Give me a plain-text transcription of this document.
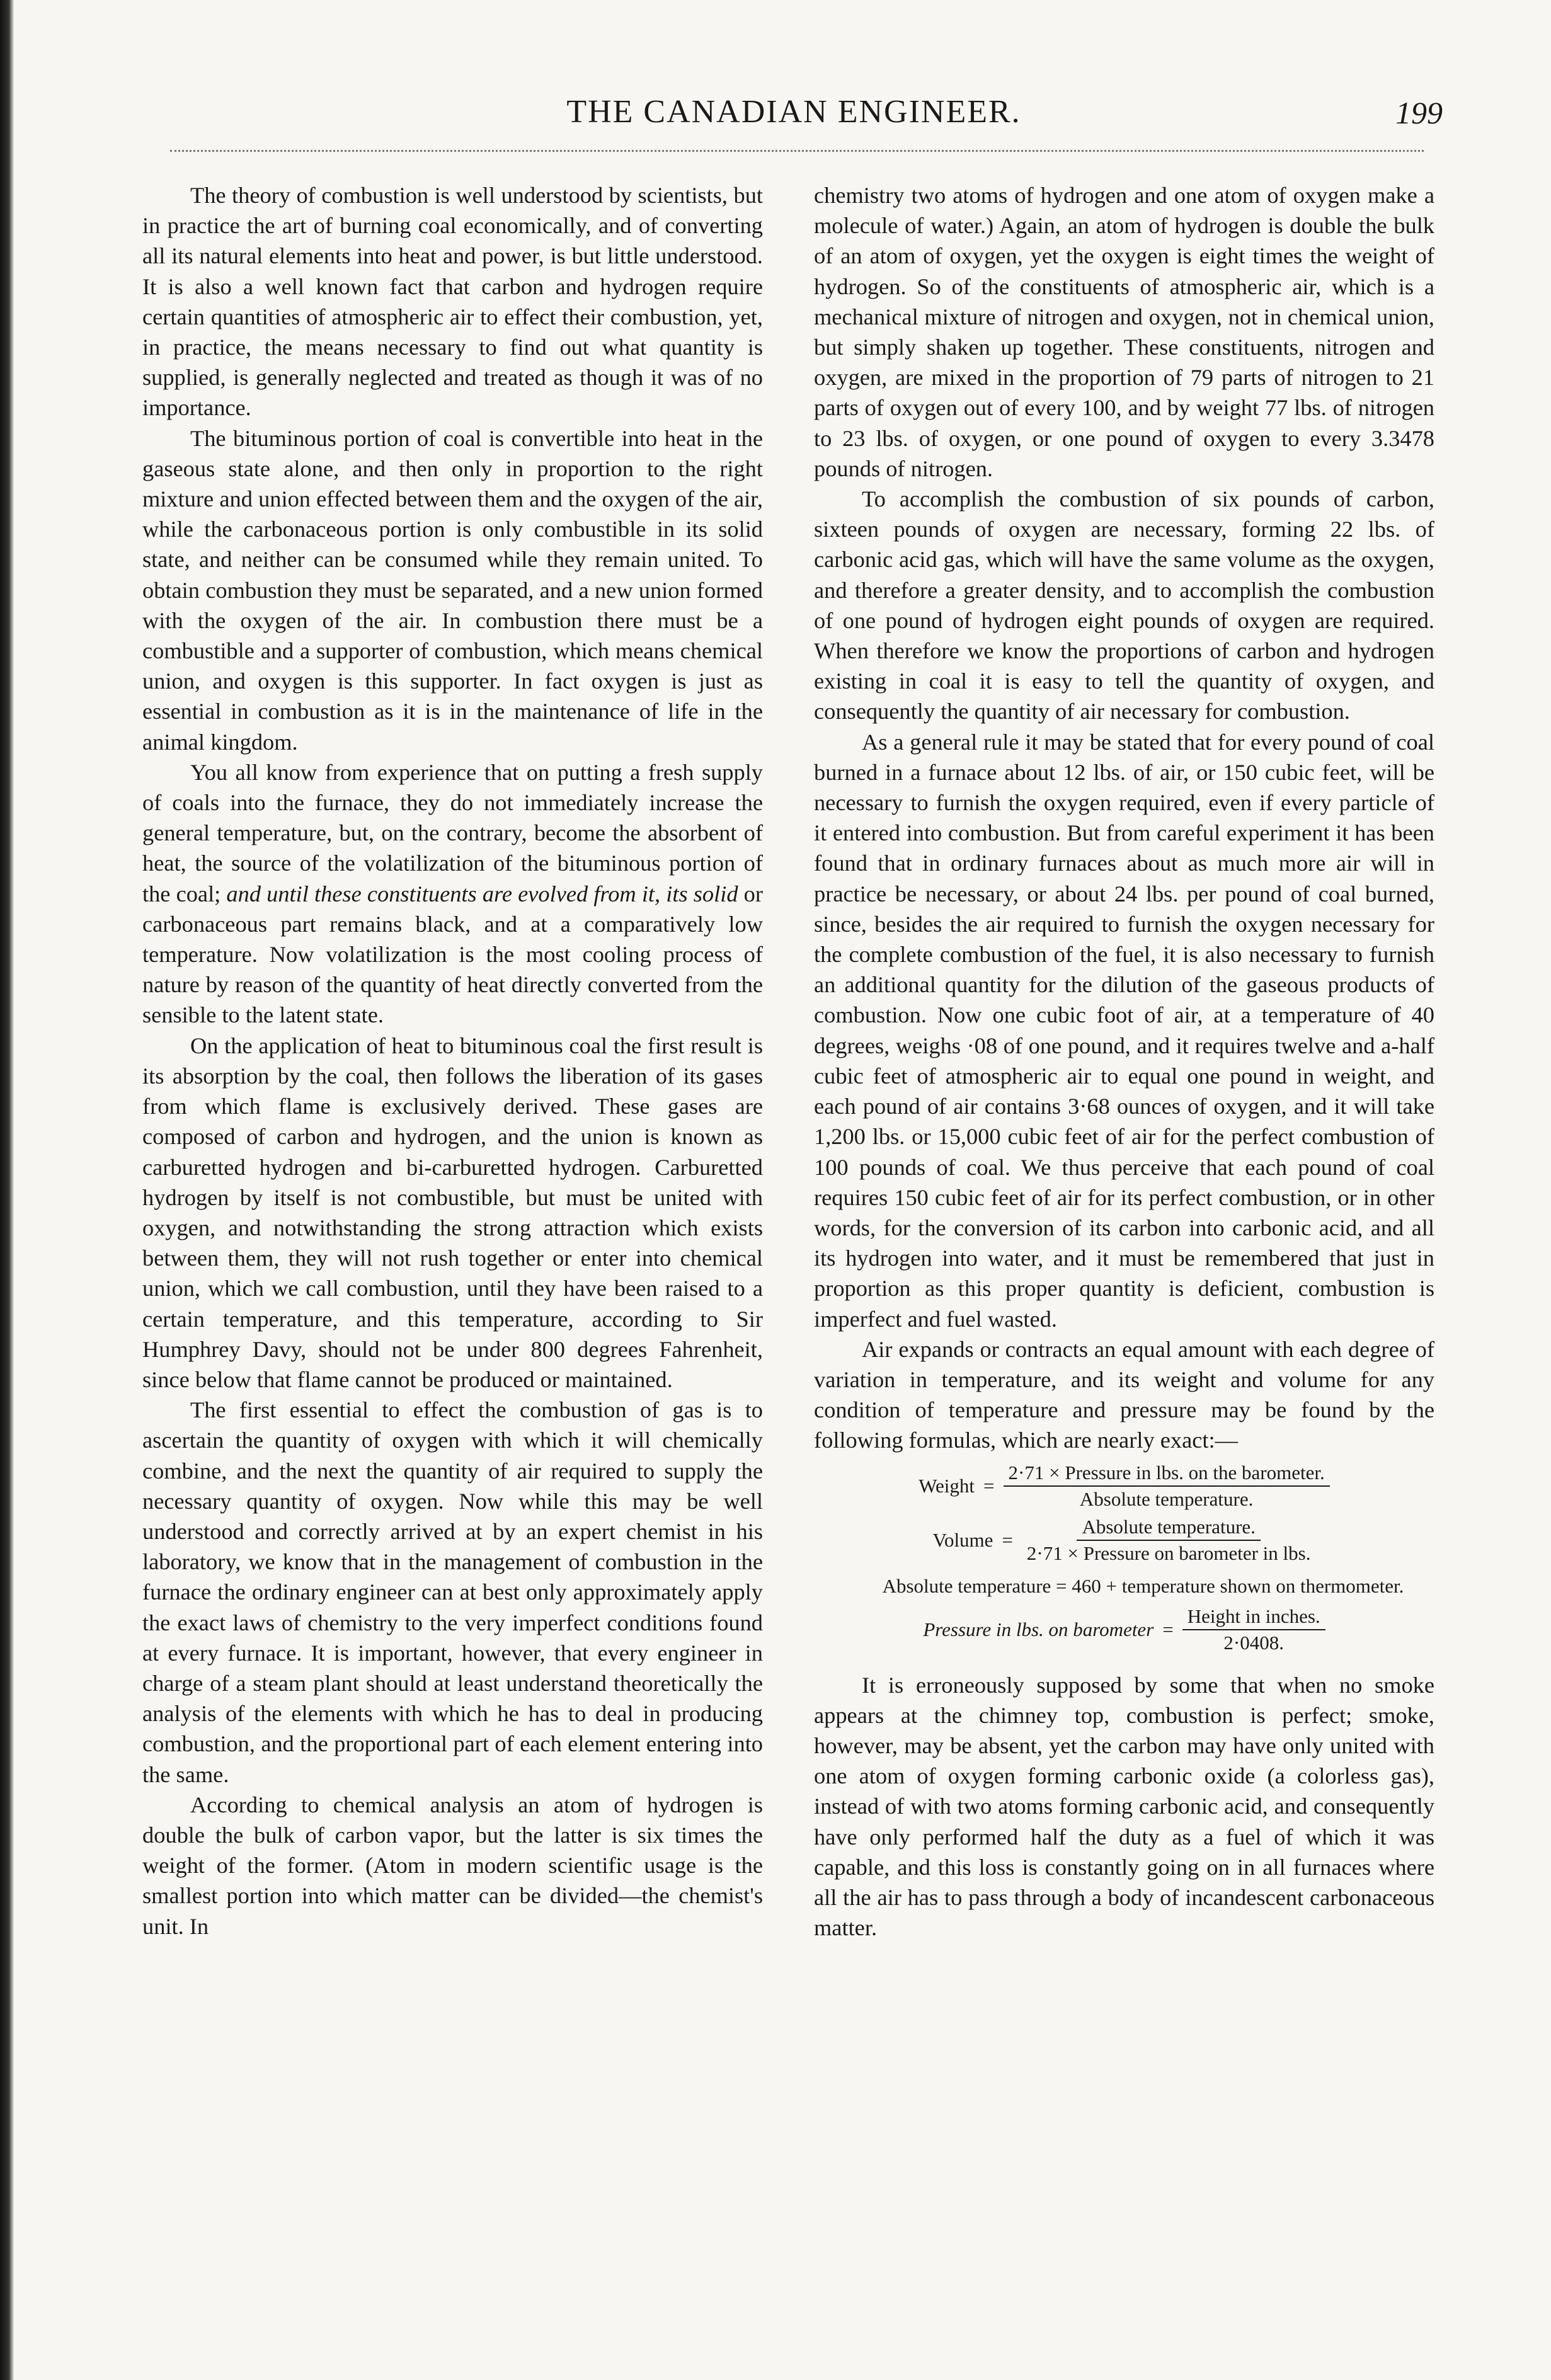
THE CANADIAN ENGINEER.	199

The theory of combustion is well understood by scientists, but in practice the art of burning coal economically, and of converting all its natural elements into heat and power, is but little understood. It is also a well known fact that carbon and hydrogen require certain quantities of atmospheric air to effect their combustion, yet, in practice, the means necessary to find out what quantity is supplied, is generally neglected and treated as though it was of no importance.

The bituminous portion of coal is convertible into heat in the gaseous state alone, and then only in proportion to the right mixture and union effected between them and the oxygen of the air, while the carbonaceous portion is only combustible in its solid state, and neither can be consumed while they remain united. To obtain combustion they must be separated, and a new union formed with the oxygen of the air. In combustion there must be a combustible and a supporter of combustion, which means chemical union, and oxygen is this supporter. In fact oxygen is just as essential in combustion as it is in the maintenance of life in the animal kingdom.

You all know from experience that on putting a fresh supply of coals into the furnace, they do not immediately increase the general temperature, but, on the contrary, become the absorbent of heat, the source of the volatilization of the bituminous portion of the coal; and until these constituents are evolved from it, its solid or carbonaceous part remains black, and at a comparatively low temperature. Now volatilization is the most cooling process of nature by reason of the quantity of heat directly converted from the sensible to the latent state.

On the application of heat to bituminous coal the first result is its absorption by the coal, then follows the liberation of its gases from which flame is exclusively derived. These gases are composed of carbon and hydrogen, and the union is known as carburetted hydrogen and bi-carburetted hydrogen. Carburetted hydrogen by itself is not combustible, but must be united with oxygen, and notwithstanding the strong attraction which exists between them, they will not rush together or enter into chemical union, which we call combustion, until they have been raised to a certain temperature, and this temperature, according to Sir Humphrey Davy, should not be under 800 degrees Fahrenheit, since below that flame cannot be produced or maintained.

The first essential to effect the combustion of gas is to ascertain the quantity of oxygen with which it will chemically combine, and the next the quantity of air required to supply the necessary quantity of oxygen. Now while this may be well understood and correctly arrived at by an expert chemist in his laboratory, we know that in the management of combustion in the furnace the ordinary engineer can at best only approximately apply the exact laws of chemistry to the very imperfect conditions found at every furnace. It is important, however, that every engineer in charge of a steam plant should at least understand theoretically the analysis of the elements with which he has to deal in producing combustion, and the proportional part of each element entering into the same.

According to chemical analysis an atom of hydrogen is double the bulk of carbon vapor, but the latter is six times the weight of the former. (Atom in modern scientific usage is the smallest portion into which matter can be divided—the chemist's unit. In

chemistry two atoms of hydrogen and one atom of oxygen make a molecule of water.) Again, an atom of hydrogen is double the bulk of an atom of oxygen, yet the oxygen is eight times the weight of hydrogen. So of the constituents of atmospheric air, which is a mechanical mixture of nitrogen and oxygen, not in chemical union, but simply shaken up together. These constituents, nitrogen and oxygen, are mixed in the proportion of 79 parts of nitrogen to 21 parts of oxygen out of every 100, and by weight 77 lbs. of nitrogen to 23 lbs. of oxygen, or one pound of oxygen to every 3.3478 pounds of nitrogen.

To accomplish the combustion of six pounds of carbon, sixteen pounds of oxygen are necessary, forming 22 lbs. of carbonic acid gas, which will have the same volume as the oxygen, and therefore a greater density, and to accomplish the combustion of one pound of hydrogen eight pounds of oxygen are required. When therefore we know the proportions of carbon and hydrogen existing in coal it is easy to tell the quantity of oxygen, and consequently the quantity of air necessary for combustion.

As a general rule it may be stated that for every pound of coal burned in a furnace about 12 lbs. of air, or 150 cubic feet, will be necessary to furnish the oxygen required, even if every particle of it entered into combustion. But from careful experiment it has been found that in ordinary furnaces about as much more air will in practice be necessary, or about 24 lbs. per pound of coal burned, since, besides the air required to furnish the oxygen necessary for the complete combustion of the fuel, it is also necessary to furnish an additional quantity for the dilution of the gaseous products of combustion. Now one cubic foot of air, at a temperature of 40 degrees, weighs ·08 of one pound, and it requires twelve and a-half cubic feet of atmospheric air to equal one pound in weight, and each pound of air contains 3·68 ounces of oxygen, and it will take 1,200 lbs. or 15,000 cubic feet of air for the perfect combustion of 100 pounds of coal. We thus perceive that each pound of coal requires 150 cubic feet of air for its perfect combustion, or in other words, for the conversion of its carbon into carbonic acid, and all its hydrogen into water, and it must be remembered that just in proportion as this proper quantity is deficient, combustion is imperfect and fuel wasted.

Air expands or contracts an equal amount with each degree of variation in temperature, and its weight and volume for any condition of temperature and pressure may be found by the following formulas, which are nearly exact:—

Weight = $\frac{\text{2·71 × Pressure in lbs. on the barometer.}}{\text{Absolute temperature.}}$
Volume = $\frac{\text{Absolute temperature.}}{\text{2·71 × Pressure on barometer in lbs.}}$
Absolute temperature = 460 + temperature shown on thermometer.
Pressure in lbs. on barometer = $\frac{\text{Height in inches.}}{2\cdot 0408.}$

It is erroneously supposed by some that when no smoke appears at the chimney top, combustion is perfect; smoke, however, may be absent, yet the carbon may have only united with one atom of oxygen forming carbonic oxide (a colorless gas), instead of with two atoms forming carbonic acid, and consequently have only performed half the duty as a fuel of which it was capable, and this loss is constantly going on in all furnaces where all the air has to pass through a body of incandescent carbonaceous matter.
